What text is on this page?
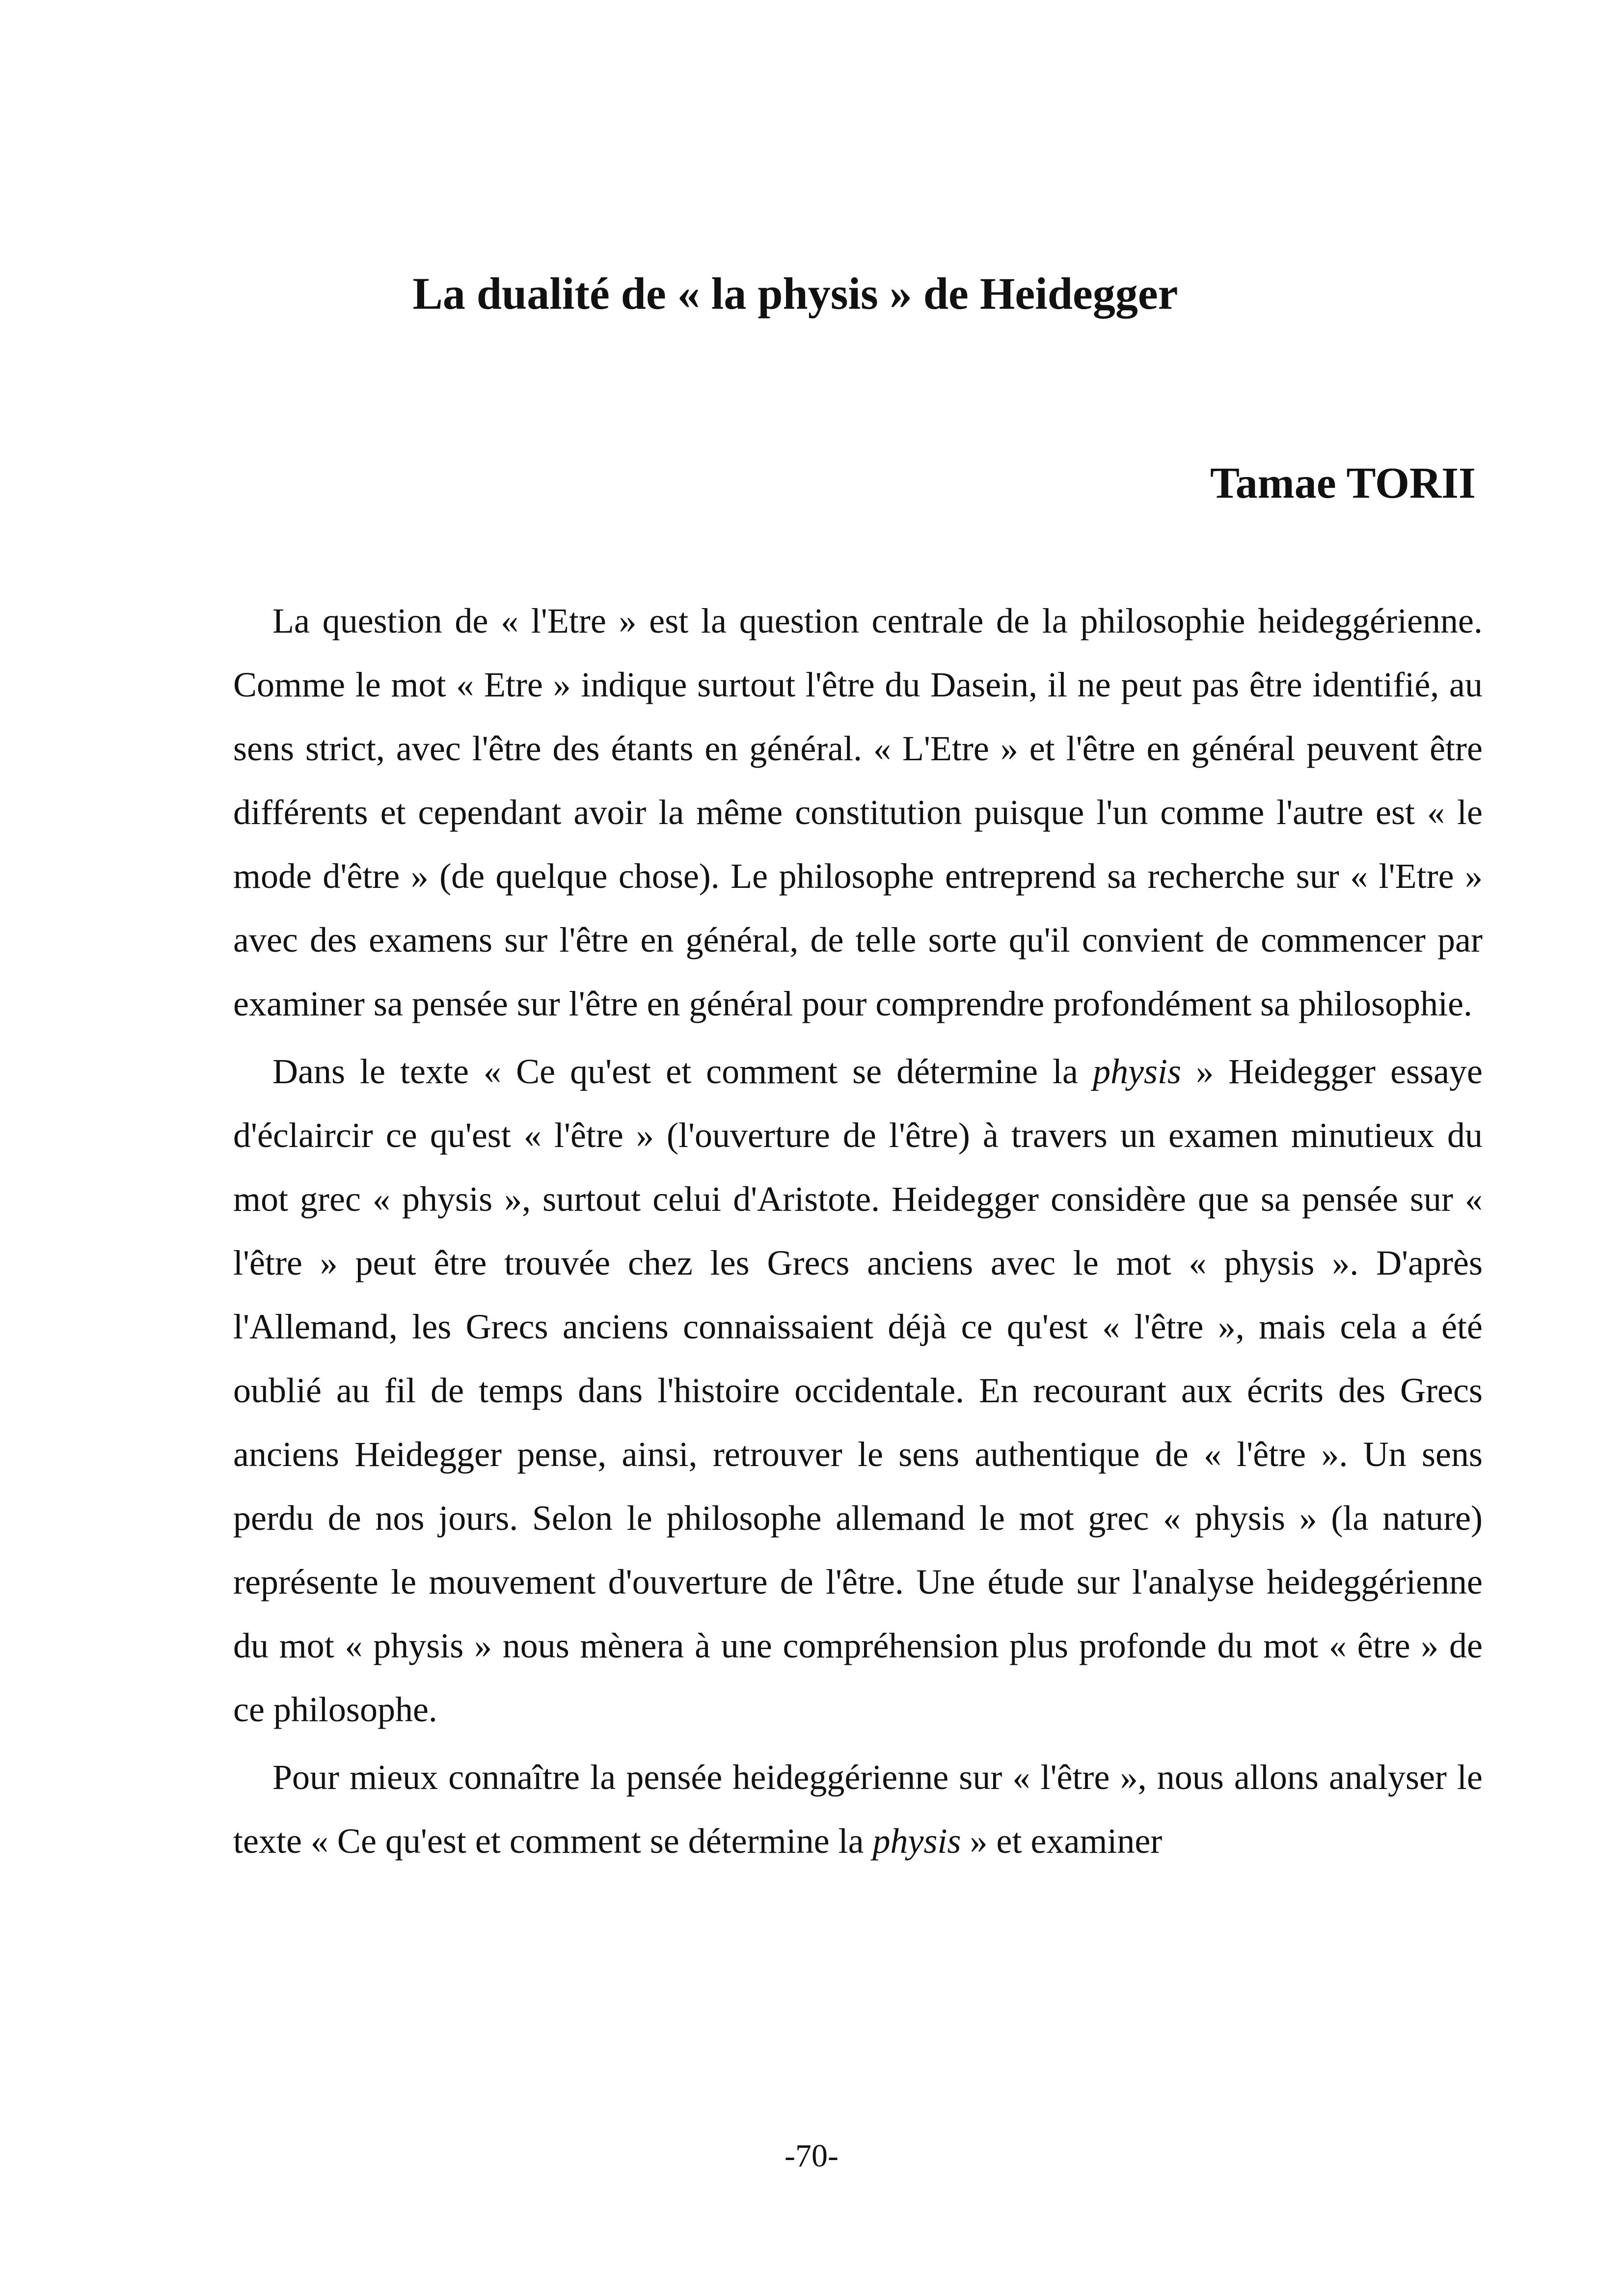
La dualité de « la physis » de Heidegger

Tamae TORII

La question de « l'Etre » est la question centrale de la philosophie heideggérienne. Comme le mot « Etre » indique surtout l'être du Dasein, il ne peut pas être identifié, au sens strict, avec l'être des étants en général. « L'Etre » et l'être en général peuvent être différents et cependant avoir la même constitution puisque l'un comme l'autre est « le mode d'être » (de quelque chose). Le philosophe entreprend sa recherche sur « l'Etre » avec des examens sur l'être en général, de telle sorte qu'il convient de commencer par examiner sa pensée sur l'être en général pour comprendre profondément sa philosophie.

Dans le texte « Ce qu'est et comment se détermine la physis » Heidegger essaye d'éclaircir ce qu'est « l'être » (l'ouverture de l'être) à travers un examen minutieux du mot grec « physis », surtout celui d'Aristote. Heidegger considère que sa pensée sur « l'être » peut être trouvée chez les Grecs anciens avec le mot « physis ». D'après l'Allemand, les Grecs anciens connaissaient déjà ce qu'est « l'être », mais cela a été oublié au fil de temps dans l'histoire occidentale. En recourant aux écrits des Grecs anciens Heidegger pense, ainsi, retrouver le sens authentique de « l'être ». Un sens perdu de nos jours. Selon le philosophe allemand le mot grec « physis » (la nature) représente le mouvement d'ouverture de l'être. Une étude sur l'analyse heideggérienne du mot « physis » nous mènera à une compréhension plus profonde du mot « être » de ce philosophe.

Pour mieux connaître la pensée heideggérienne sur « l'être », nous allons analyser le texte « Ce qu'est et comment se détermine la physis » et examiner

-70-
